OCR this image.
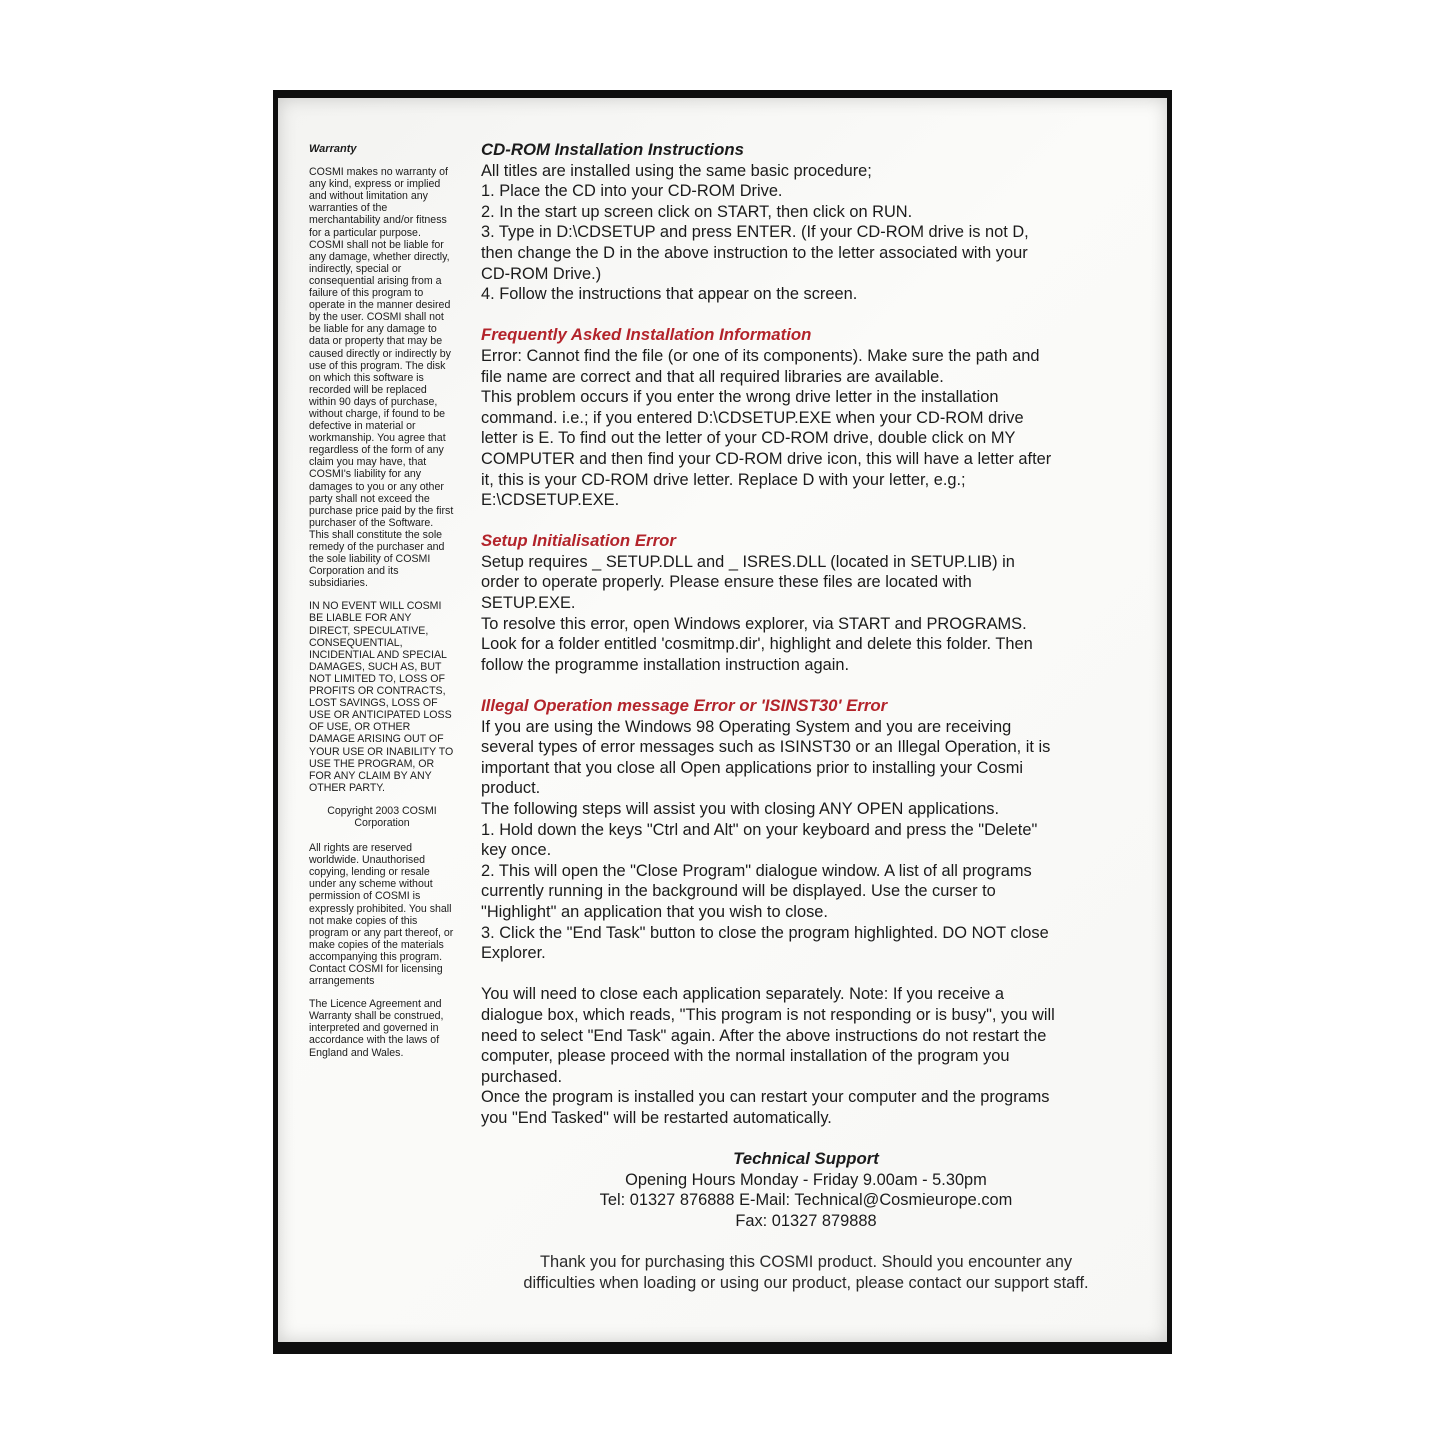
Warranty

COSMI makes no warranty of any kind, express or implied and without limitation any warranties of the merchantability and/or fitness for a particular purpose. COSMI shall not be liable for any damage, whether directly, indirectly, special or consequential arising from a failure of this program to operate in the manner desired by the user. COSMI shall not be liable for any damage to data or property that may be caused directly or indirectly by use of this program. The disk on which this software is recorded will be replaced within 90 days of purchase, without charge, if found to be defective in material or workmanship. You agree that regardless of the form of any claim you may have, that COSMI's liability for any damages to you or any other party shall not exceed the purchase price paid by the first purchaser of the Software. This shall constitute the sole remedy of the purchaser and the sole liability of COSMI Corporation and its subsidiaries.

IN NO EVENT WILL COSMI BE LIABLE FOR ANY DIRECT, SPECULATIVE, CONSEQUENTIAL, INCIDENTIAL AND SPECIAL DAMAGES, SUCH AS, BUT NOT LIMITED TO, LOSS OF PROFITS OR CONTRACTS, LOST SAVINGS, LOSS OF USE OR ANTICIPATED LOSS OF USE, OR OTHER DAMAGE ARISING OUT OF YOUR USE OR INABILITY TO USE THE PROGRAM, OR FOR ANY CLAIM BY ANY OTHER PARTY.

Copyright 2003 COSMI Corporation

All rights are reserved worldwide. Unauthorised copying, lending or resale under any scheme without permission of COSMI is expressly prohibited. You shall not make copies of this program or any part thereof, or make copies of the materials accompanying this program. Contact COSMI for licensing arrangements

The Licence Agreement and Warranty shall be construed, interpreted and governed in accordance with the laws of England and Wales.

CD-ROM Installation Instructions
All titles are installed using the same basic procedure;
1. Place the CD into your CD-ROM Drive.
2. In the start up screen click on START, then click on RUN.
3. Type in D:\CDSETUP and press ENTER. (If your CD-ROM drive is not D,
then change the D in the above instruction to the letter associated with your
CD-ROM Drive.)
4. Follow the instructions that appear on the screen.
Frequently Asked Installation Information
Error: Cannot find the file (or one of its components). Make sure the path and
file name are correct and that all required libraries are available.
This problem occurs if you enter the wrong drive letter in the installation
command. i.e.; if you entered D:\CDSETUP.EXE when your CD-ROM drive
letter is E. To find out the letter of your CD-ROM drive, double click on MY
COMPUTER and then find your CD-ROM drive icon, this will have a letter after
it, this is your CD-ROM drive letter. Replace D with your letter, e.g.;
E:\CDSETUP.EXE.
Setup Initialisation Error
Setup requires _ SETUP.DLL and _ ISRES.DLL (located in SETUP.LIB) in
order to operate properly. Please ensure these files are located with
SETUP.EXE.
To resolve this error, open Windows explorer, via START and PROGRAMS.
Look for a folder entitled 'cosmitmp.dir', highlight and delete this folder. Then
follow the programme installation instruction again.
Illegal Operation message Error or 'ISINST30' Error
If you are using the Windows 98 Operating System and you are receiving
several types of error messages such as ISINST30 or an Illegal Operation, it is
important that you close all Open applications prior to installing your Cosmi
product.
The following steps will assist you with closing ANY OPEN applications.
1. Hold down the keys "Ctrl and Alt" on your keyboard and press the "Delete"
key once.
2. This will open the "Close Program" dialogue window. A list of all programs
currently running in the background will be displayed. Use the curser to
"Highlight" an application that you wish to close.
3. Click the "End Task" button to close the program highlighted. DO NOT close
Explorer.
You will need to close each application separately. Note: If you receive a
dialogue box, which reads, "This program is not responding or is busy", you will
need to select "End Task" again. After the above instructions do not restart the
computer, please proceed with the normal installation of the program you
purchased.
Once the program is installed you can restart your computer and the programs
you "End Tasked" will be restarted automatically.
Technical Support
Opening Hours Monday - Friday 9.00am - 5.30pm
Tel: 01327 876888 E-Mail: Technical@Cosmieurope.com
Fax: 01327 879888
Thank you for purchasing this COSMI product. Should you encounter any
difficulties when loading or using our product, please contact our support staff.
